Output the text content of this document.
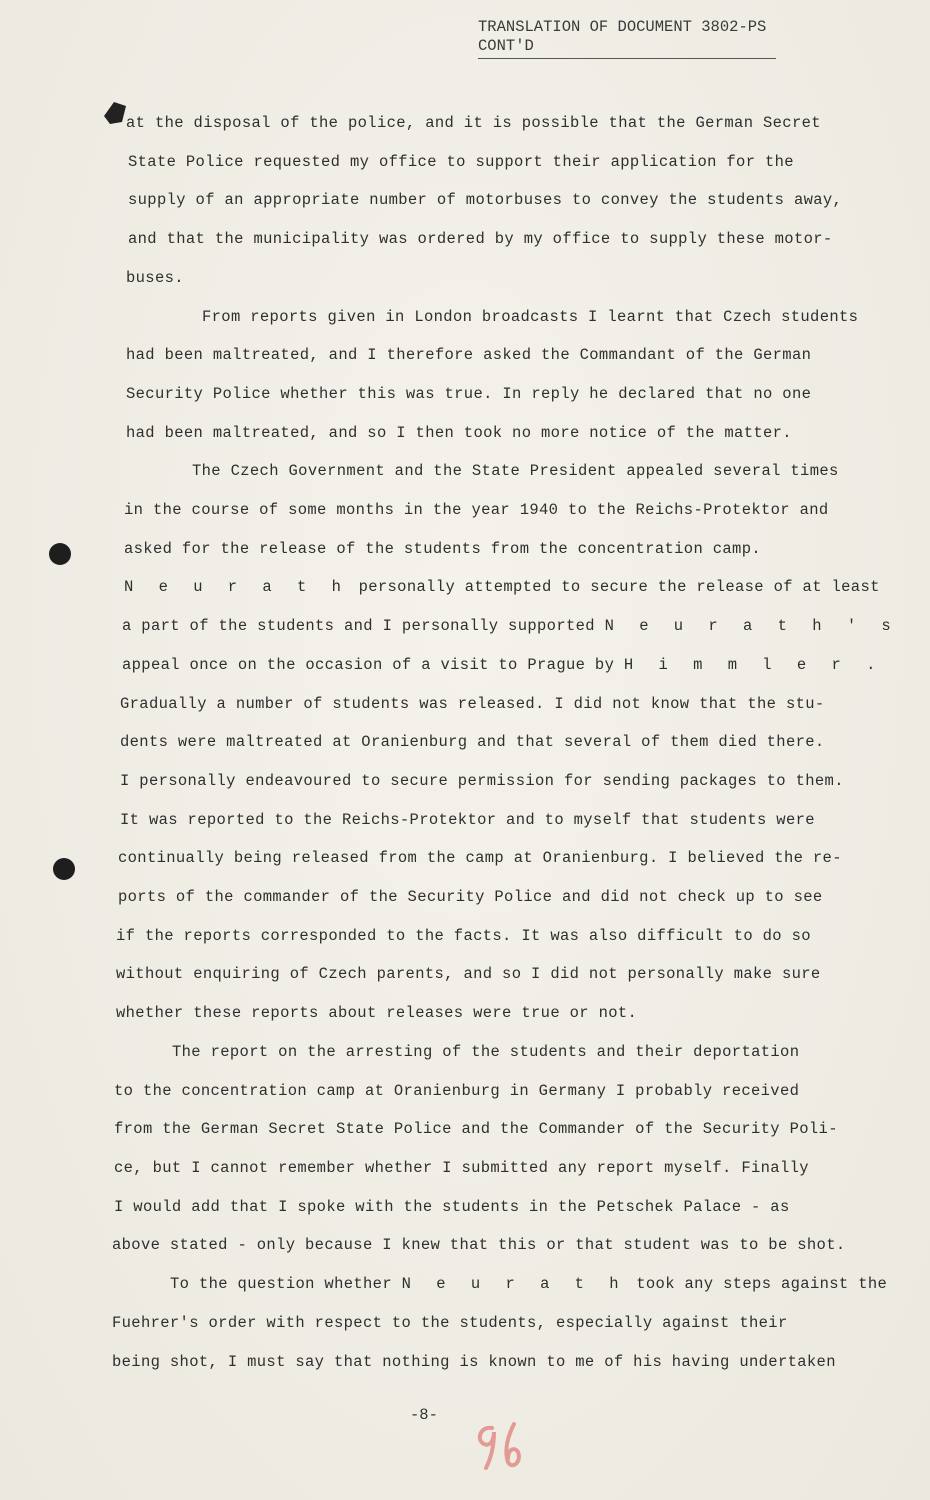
TRANSLATION OF DOCUMENT 3802-PS
CONT'D
at the disposal of the police, and it is possible that the German Secret
State Police requested my office to support their application for the
supply of an appropriate number of motorbuses to convey the students away,
and that the municipality was ordered by my office to supply these motor-
buses.
From reports given in London broadcasts I learnt that Czech students
had been maltreated, and I therefore asked the Commandant of the German
Security Police whether this was true. In reply he declared that no one
had been maltreated, and so I then took no more notice of the matter.
The Czech Government and the State President appealed several times
in the course of some months in the year 1940 to the Reichs-Protektor and
asked for the release of the students from the concentration camp.
N e u r a t h personally attempted to secure the release of at least
a part of the students and I personally supported N e u r a t h ' s
appeal once on the occasion of a visit to Prague by H i m m l e r .
Gradually a number of students was released. I did not know that the stu-
dents were maltreated at Oranienburg and that several of them died there.
I personally endeavoured to secure permission for sending packages to them.
It was reported to the Reichs-Protektor and to myself that students were
continually being released from the camp at Oranienburg. I believed the re-
ports of the commander of the Security Police and did not check up to see
if the reports corresponded to the facts. It was also difficult to do so
without enquiring of Czech parents, and so I did not personally make sure
whether these reports about releases were true or not.
The report on the arresting of the students and their deportation
to the concentration camp at Oranienburg in Germany I probably received
from the German Secret State Police and the Commander of the Security Poli-
ce, but I cannot remember whether I submitted any report myself. Finally
I would add that I spoke with the students in the Petschek Palace - as
above stated - only because I knew that this or that student was to be shot.
To the question whether N e u r a t h took any steps against the
Fuehrer's order with respect to the students, especially against their
being shot, I must say that nothing is known to me of his having undertaken
-8-
